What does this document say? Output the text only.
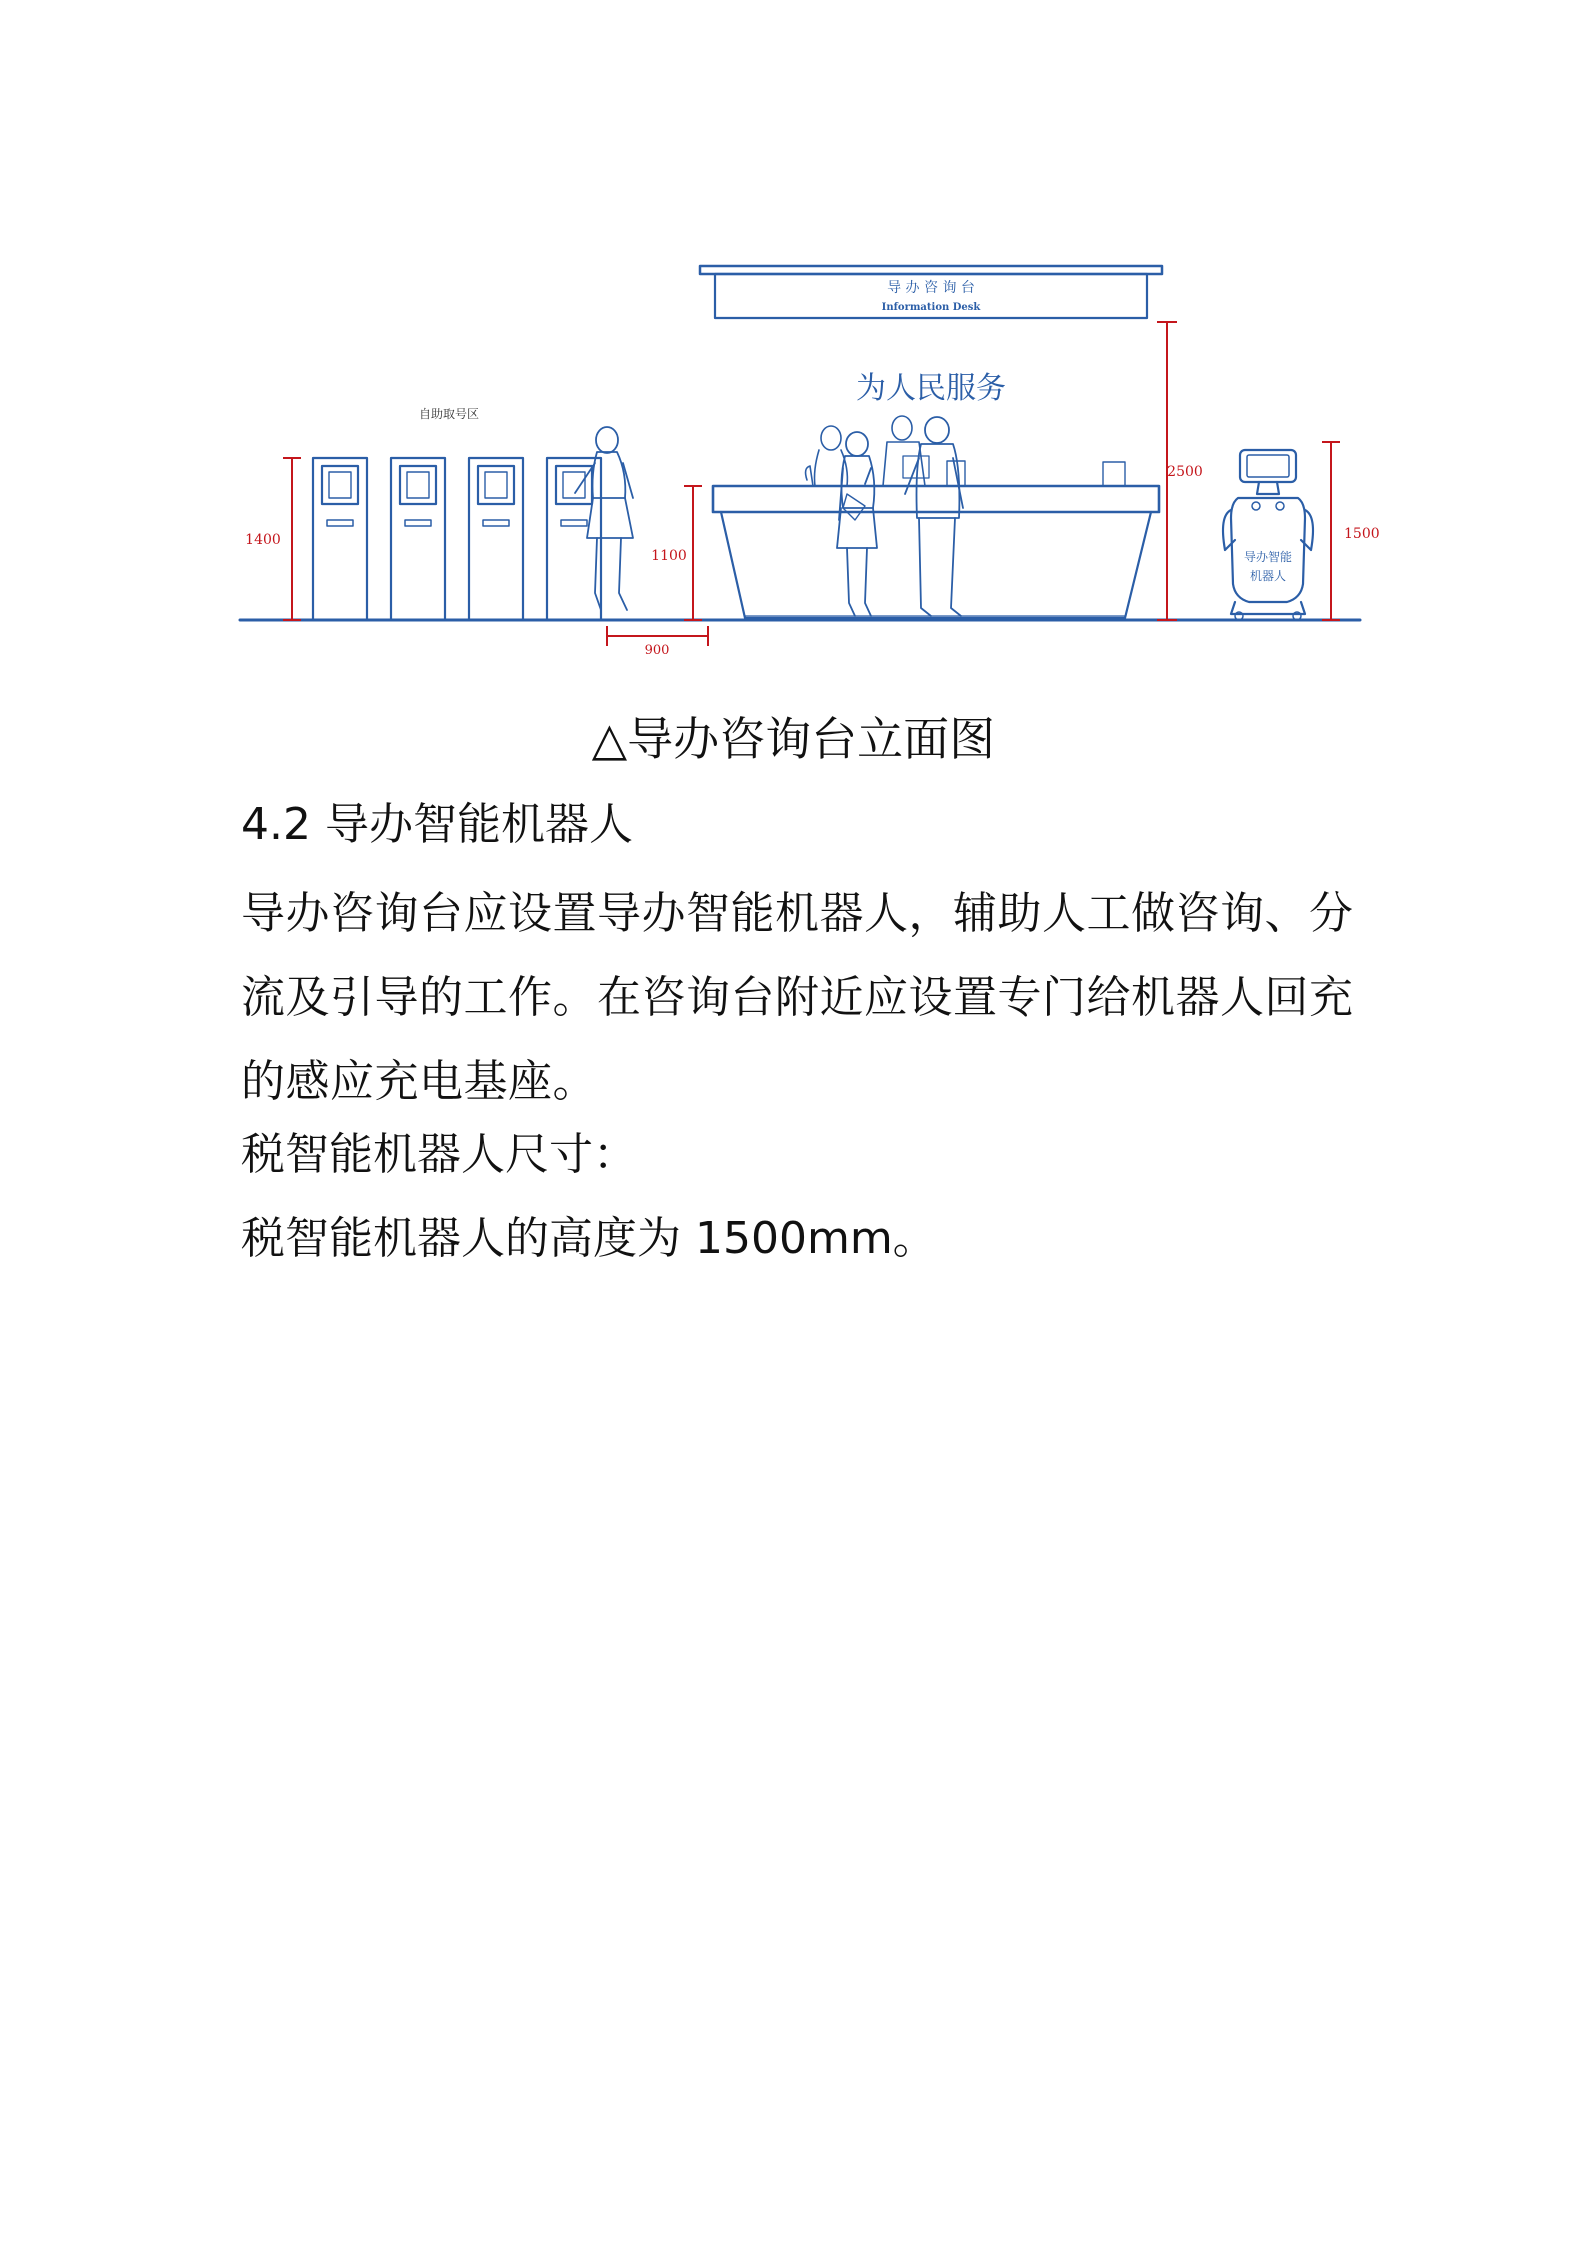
导 办 咨 询 台
Information Desk
为人民服务
自助取号区
导办智能
机器人
1400
1100
900
2500
1500

△导办咨询台立面图

4.2 导办智能机器人

导办咨询台应设置导办智能机器人，辅助人工做咨询、分流及引导的工作。在咨询台附近应设置专门给机器人回充的感应充电基座。

税智能机器人尺寸：

税智能机器人的高度为 1500mm。
